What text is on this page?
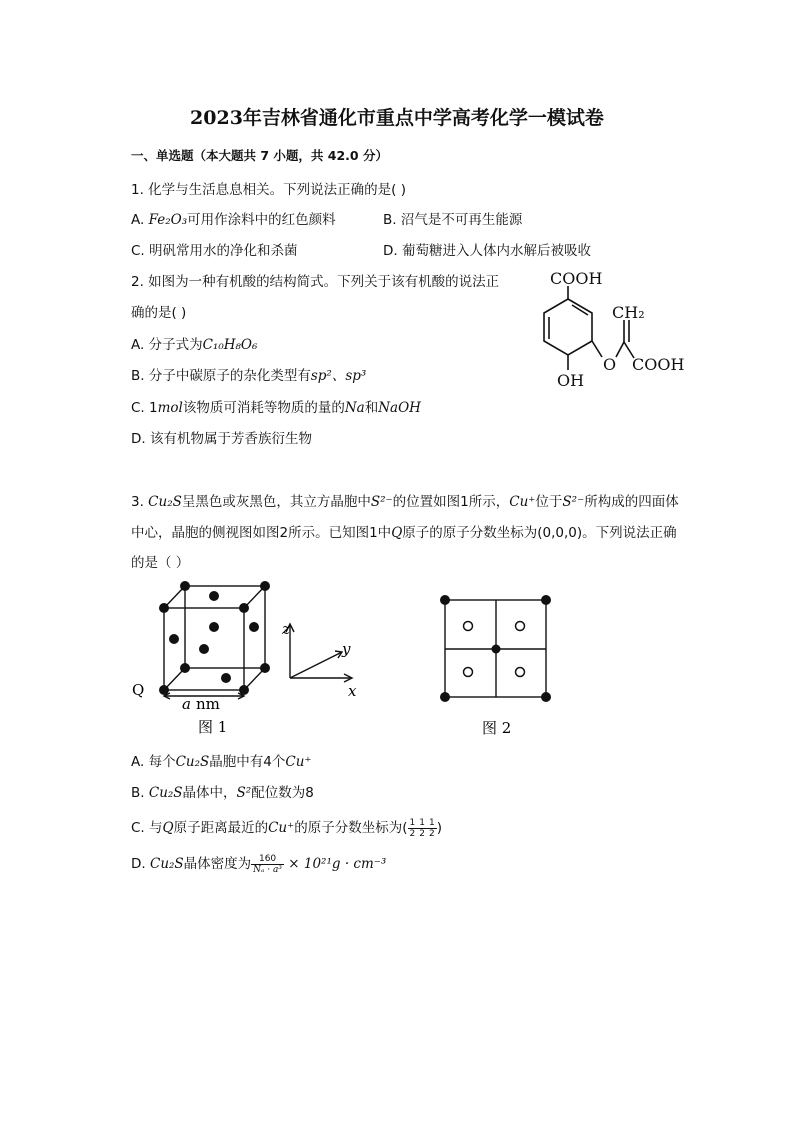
2023年吉林省通化市重点中学高考化学一模试卷
一、单选题（本大题共 7 小题，共 42.0 分）
1. 化学与生活息息相关。下列说法正确的是( )
A. Fe₂O₃可用作涂料中的红色颜料	B. 沼气是不可再生能源
C. 明矾常用水的净化和杀菌	D. 葡萄糖进入人体内水解后被吸收
2. 如图为一种有机酸的结构简式。下列关于该有机酸的说法正
确的是( )
A. 分子式为C₁₀H₈O₆
B. 分子中碳原子的杂化类型有sp²、sp³
C. 1mol该物质可消耗等物质的量的Na和NaOH
D. 该有机物属于芳香族衍生物
COOH
CH₂
O COOH
OH
3. Cu₂S呈黑色或灰黑色，其立方晶胞中S²⁻的位置如图1所示，Cu⁺位于S²⁻所构成的四面体
中心，晶胞的侧视图如图2所示。已知图1中Q原子的原子分数坐标为(0,0,0)。下列说法正确
的是（ ）
Q
a nm
z
y
x
图 1	图 2
A. 每个Cu₂S晶胞中有4个Cu⁺
B. Cu₂S晶体中，S²配位数为8
C. 与Q原子距离最近的Cu⁺的原子分数坐标为( $\frac{1}{2} \frac{1}{2} \frac{1}{2}$ )
D. Cu₂S晶体密度为 $\frac{160}{\text{Nₐ · a³}} \times 10^{21}g \cdot cm^{-3}$
